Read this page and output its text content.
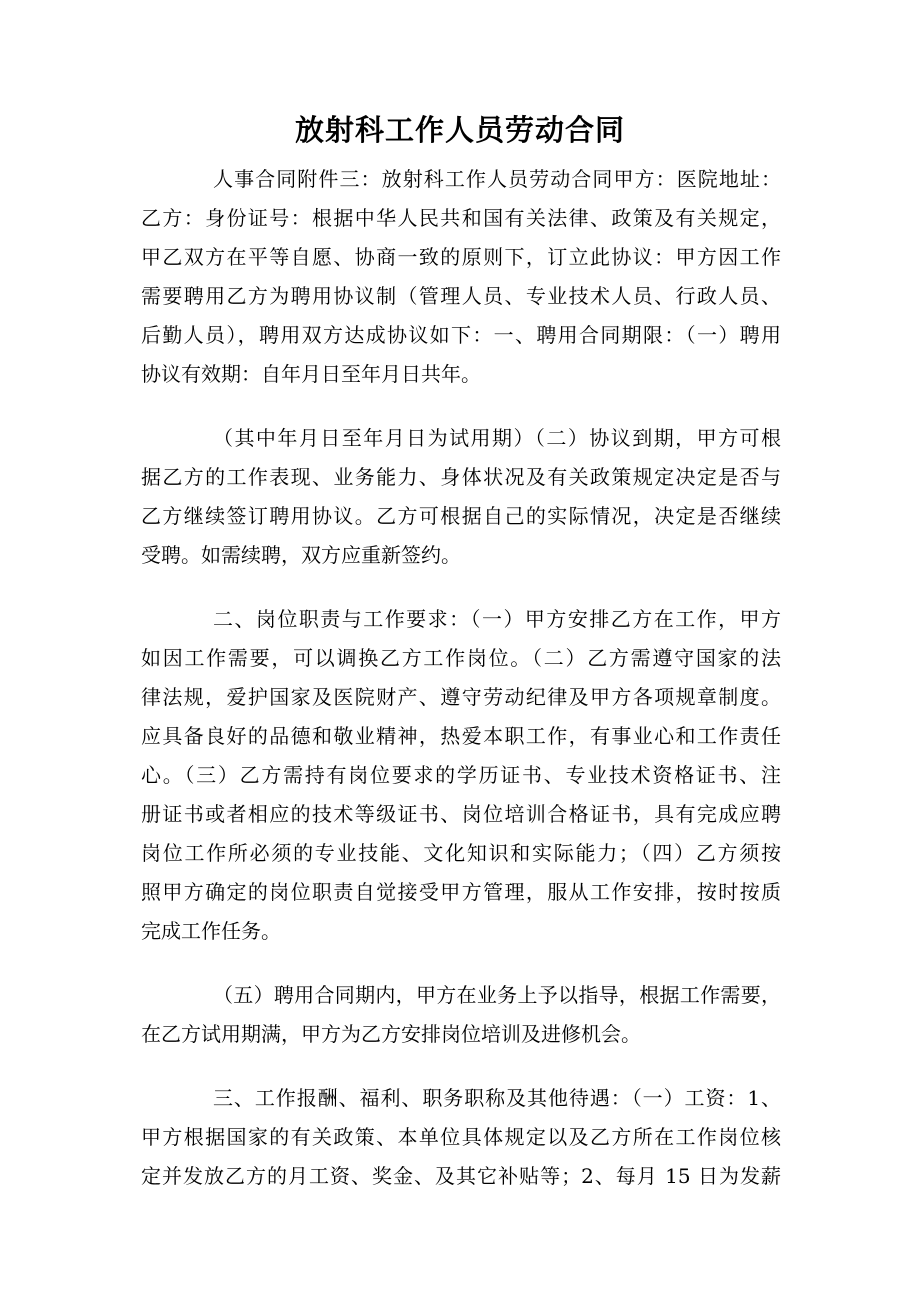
放射科工作人员劳动合同
人事合同附件三：放射科工作人员劳动合同甲方：医院地址：
乙方：身份证号：根据中华人民共和国有关法律、政策及有关规定，
甲乙双方在平等自愿、协商一致的原则下，订立此协议：甲方因工作
需要聘用乙方为聘用协议制（管理人员、专业技术人员、行政人员、
后勤人员），聘用双方达成协议如下：一、聘用合同期限：（一）聘用
协议有效期：自年月日至年月日共年。
（其中年月日至年月日为试用期）（二）协议到期，甲方可根
据乙方的工作表现、业务能力、身体状况及有关政策规定决定是否与
乙方继续签订聘用协议。乙方可根据自己的实际情况，决定是否继续
受聘。如需续聘，双方应重新签约。
二、岗位职责与工作要求：（一）甲方安排乙方在工作，甲方
如因工作需要，可以调换乙方工作岗位。（二）乙方需遵守国家的法
律法规，爱护国家及医院财产、遵守劳动纪律及甲方各项规章制度。
应具备良好的品德和敬业精神，热爱本职工作，有事业心和工作责任
心。（三）乙方需持有岗位要求的学历证书、专业技术资格证书、注
册证书或者相应的技术等级证书、岗位培训合格证书，具有完成应聘
岗位工作所必须的专业技能、文化知识和实际能力；（四）乙方须按
照甲方确定的岗位职责自觉接受甲方管理，服从工作安排，按时按质
完成工作任务。
（五）聘用合同期内，甲方在业务上予以指导，根据工作需要，
在乙方试用期满，甲方为乙方安排岗位培训及进修机会。
三、工作报酬、福利、职务职称及其他待遇：（一）工资：1、
甲方根据国家的有关政策、本单位具体规定以及乙方所在工作岗位核
定并发放乙方的月工资、奖金、及其它补贴等；2、每月 15 日为发薪
